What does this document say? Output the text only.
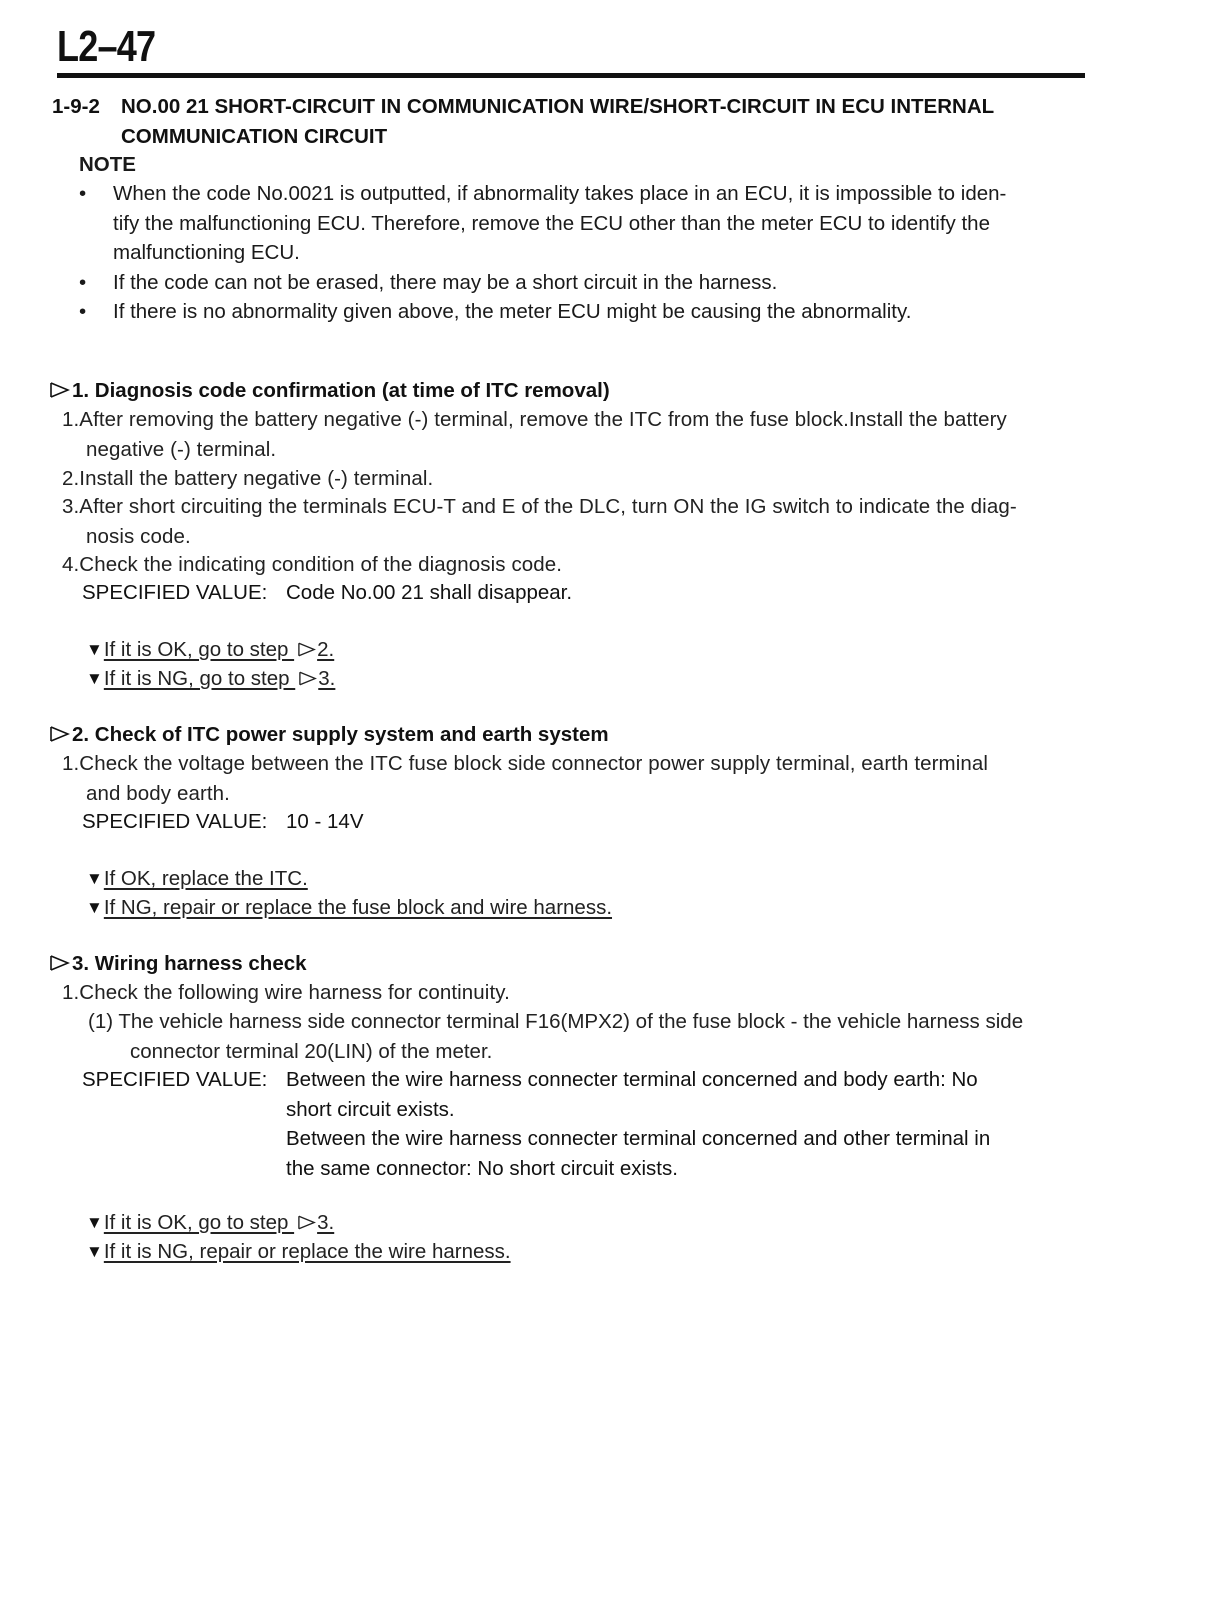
L2–47
1-9-2 NO.00 21 SHORT-CIRCUIT IN COMMUNICATION WIRE/SHORT-CIRCUIT IN ECU INTERNAL
COMMUNICATION CIRCUIT
NOTE
• When the code No.0021 is outputted, if abnormality takes place in an ECU, it is impossible to iden-
tify the malfunctioning ECU. Therefore, remove the ECU other than the meter ECU to identify the
malfunctioning ECU.
• If the code can not be erased, there may be a short circuit in the harness.
• If there is no abnormality given above, the meter ECU might be causing the abnormality.
1. Diagnosis code confirmation (at time of ITC removal)
1.After removing the battery negative (-) terminal, remove the ITC from the fuse block.Install the battery
negative (-) terminal.
2.Install the battery negative (-) terminal.
3.After short circuiting the terminals ECU-T and E of the DLC, turn ON the IG switch to indicate the diag-
nosis code.
4.Check the indicating condition of the diagnosis code.
SPECIFIED VALUE: Code No.00 21 shall disappear.
▼If it is OK, go to step
2.
▼If it is NG, go to step
3.
2. Check of ITC power supply system and earth system
1.Check the voltage between the ITC fuse block side connector power supply terminal, earth terminal
and body earth.
SPECIFIED VALUE: 10 - 14V
▼If OK, replace the ITC.
▼If NG, repair or replace the fuse block and wire harness.
3. Wiring harness check
1.Check the following wire harness for continuity.
(1) The vehicle harness side connector terminal F16(MPX2) of the fuse block - the vehicle harness side
connector terminal 20(LIN) of the meter.
SPECIFIED VALUE: Between the wire harness connecter terminal concerned and body earth: No
short circuit exists.
Between the wire harness connecter terminal concerned and other terminal in
the same connector: No short circuit exists.
▼If it is OK, go to step
3.
▼If it is NG, repair or replace the wire harness.
